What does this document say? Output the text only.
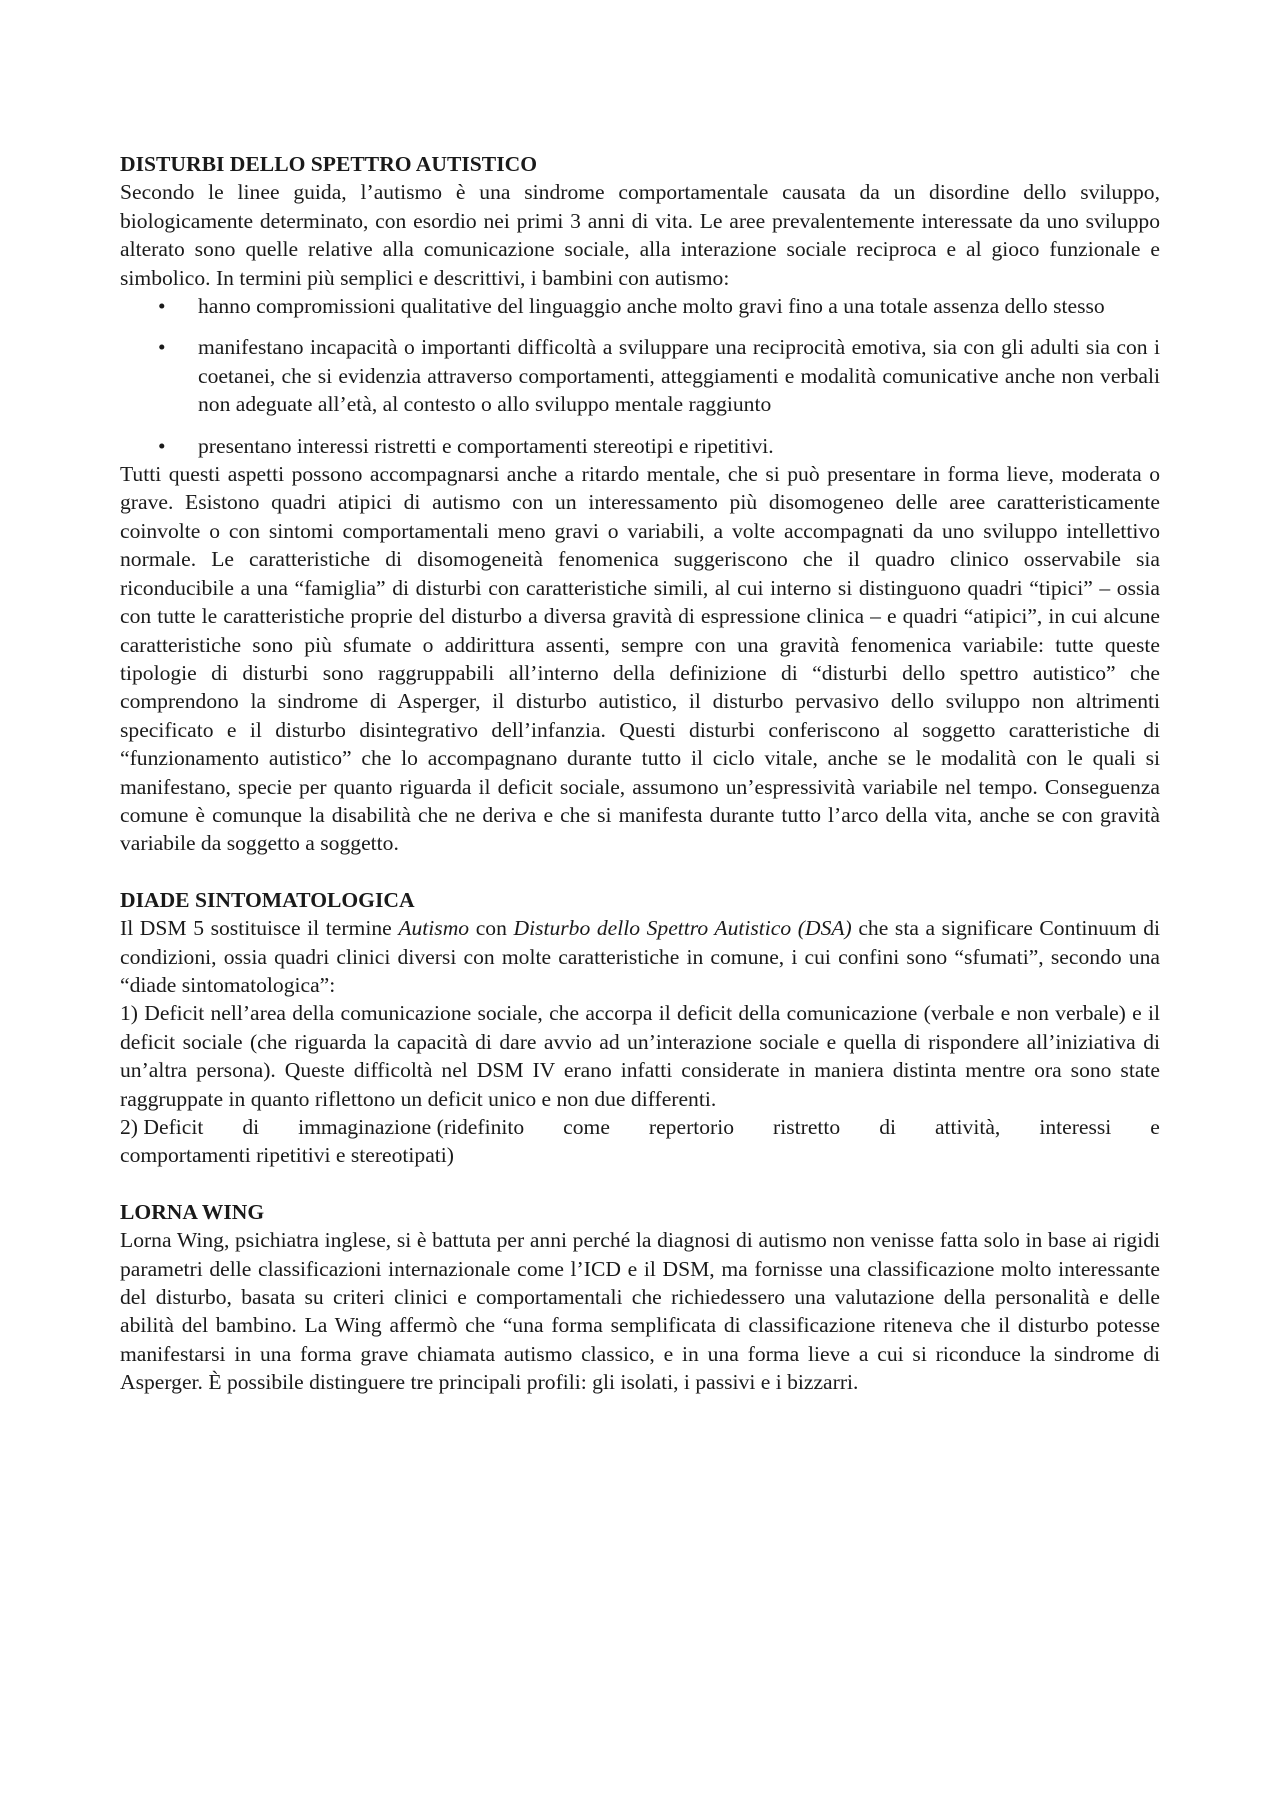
DISTURBI DELLO SPETTRO AUTISTICO

Secondo le linee guida, l’autismo è una sindrome comportamentale causata da un disordine dello sviluppo, biologicamente determinato, con esordio nei primi 3 anni di vita. Le aree prevalentemente interessate da uno sviluppo alterato sono quelle relative alla comunicazione sociale, alla interazione sociale reciproca e al gioco funzionale e simbolico. In termini più semplici e descrittivi, i bambini con autismo:

• hanno compromissioni qualitative del linguaggio anche molto gravi fino a una totale assenza dello stesso
• manifestano incapacità o importanti difficoltà a sviluppare una reciprocità emotiva, sia con gli adulti sia con i coetanei, che si evidenzia attraverso comportamenti, atteggiamenti e modalità comunicative anche non verbali non adeguate all’età, al contesto o allo sviluppo mentale raggiunto
• presentano interessi ristretti e comportamenti stereotipi e ripetitivi.

Tutti questi aspetti possono accompagnarsi anche a ritardo mentale, che si può presentare in forma lieve, moderata o grave. Esistono quadri atipici di autismo con un interessamento più disomogeneo delle aree caratteristicamente coinvolte o con sintomi comportamentali meno gravi o variabili, a volte accompagnati da uno sviluppo intellettivo normale. Le caratteristiche di disomogeneità fenomenica suggeriscono che il quadro clinico osservabile sia riconducibile a una “famiglia” di disturbi con caratteristiche simili, al cui interno si distinguono quadri “tipici” – ossia con tutte le caratteristiche proprie del disturbo a diversa gravità di espressione clinica – e quadri “atipici”, in cui alcune caratteristiche sono più sfumate o addirittura assenti, sempre con una gravità fenomenica variabile: tutte queste tipologie di disturbi sono raggruppabili all’interno della definizione di “disturbi dello spettro autistico” che comprendono la sindrome di Asperger, il disturbo autistico, il disturbo pervasivo dello sviluppo non altrimenti specificato e il disturbo disintegrativo dell’infanzia. Questi disturbi conferiscono al soggetto caratteristiche di “funzionamento autistico” che lo accompagnano durante tutto il ciclo vitale, anche se le modalità con le quali si manifestano, specie per quanto riguarda il deficit sociale, assumono un’espressività variabile nel tempo. Conseguenza comune è comunque la disabilità che ne deriva e che si manifesta durante tutto l’arco della vita, anche se con gravità variabile da soggetto a soggetto.

DIADE SINTOMATOLOGICA

Il DSM 5 sostituisce il termine Autismo con Disturbo dello Spettro Autistico (DSA) che sta a significare Continuum di condizioni, ossia quadri clinici diversi con molte caratteristiche in comune, i cui confini sono “sfumati”, secondo una “diade sintomatologica”:

1) Deficit nell’area della comunicazione sociale, che accorpa il deficit della comunicazione (verbale e non verbale) e il deficit sociale (che riguarda la capacità di dare avvio ad un’interazione sociale e quella di rispondere all’iniziativa di un’altra persona). Queste difficoltà nel DSM IV erano infatti considerate in maniera distinta mentre ora sono state raggruppate in quanto riflettono un deficit unico e non due differenti.

2) Deficit di immaginazione (ridefinito come repertorio ristretto di attività, interessi e

comportamenti ripetitivi e stereotipati)

LORNA WING

Lorna Wing, psichiatra inglese, si è battuta per anni perché la diagnosi di autismo non venisse fatta solo in base ai rigidi parametri delle classificazioni internazionale come l’ICD e il DSM, ma fornisse una classificazione molto interessante del disturbo, basata su criteri clinici e comportamentali che richiedessero una valutazione della personalità e delle abilità del bambino. La Wing affermò che “una forma semplificata di classificazione riteneva che il disturbo potesse manifestarsi in una forma grave chiamata autismo classico, e in una forma lieve a cui si riconduce la sindrome di Asperger. È possibile distinguere tre principali profili: gli isolati, i passivi e i bizzarri.
